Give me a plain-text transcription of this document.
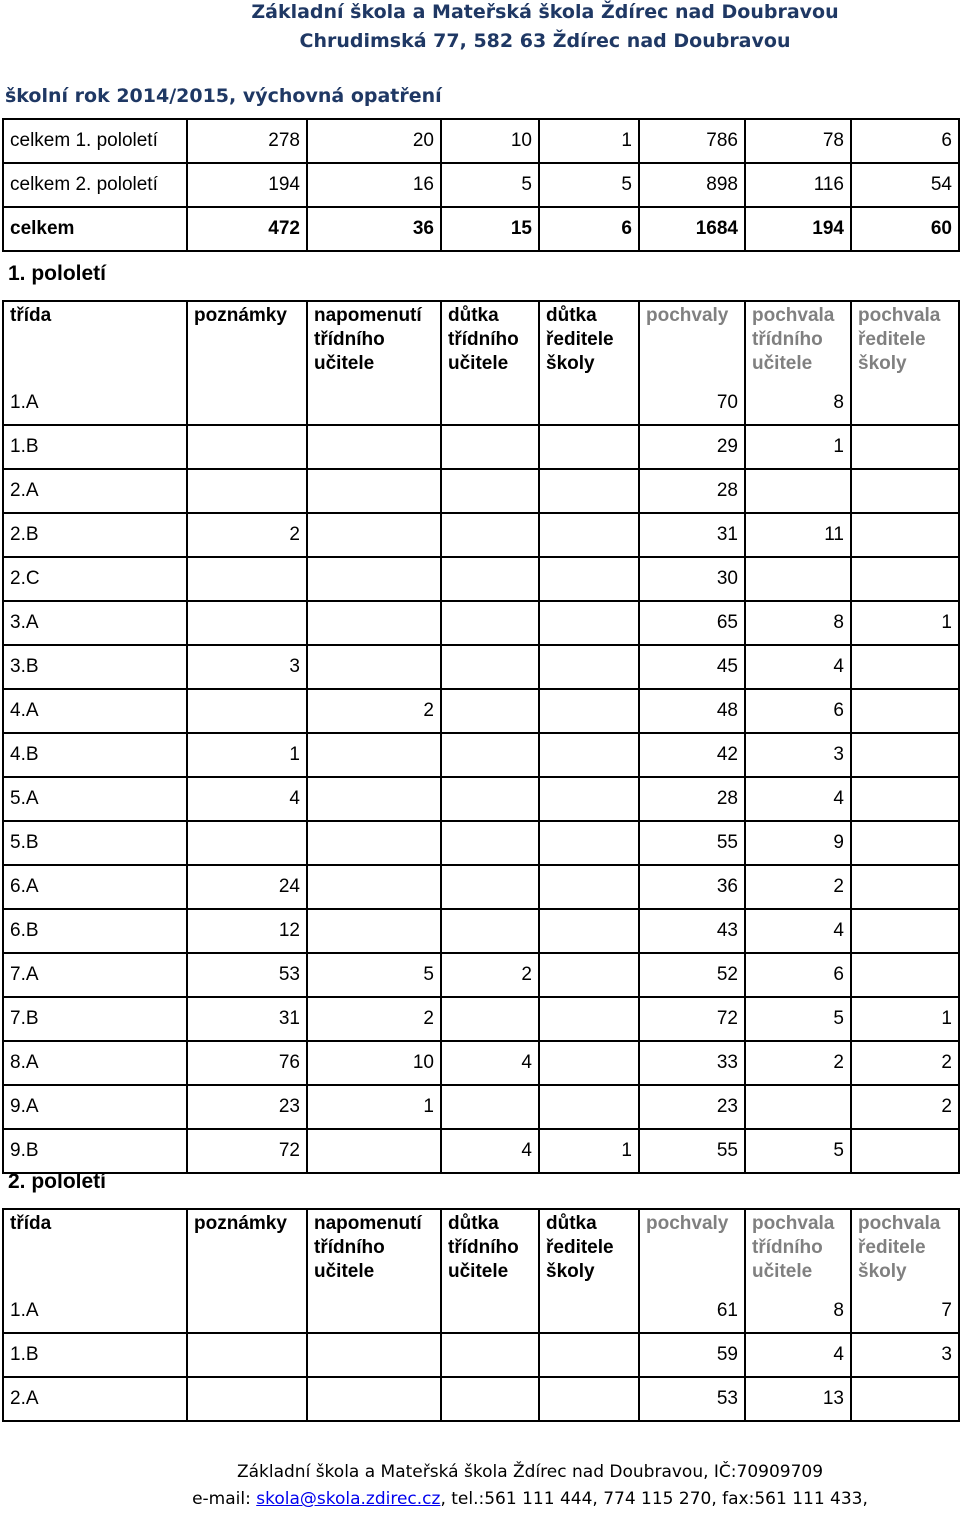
Základní škola a Mateřská škola Ždírec nad Doubravou
Chrudimská 77, 582 63 Ždírec nad Doubravou
školní rok 2014/2015, výchovná opatření
celkem 1. pololetí	278	20	10	1	786	78	6
celkem 2. pololetí	194	16	5	5	898	116	54
celkem	472	36	15	6	1684	194	60
1. pololetí
třída	poznámky	napomenutí třídního učitele	důtka třídního učitele	důtka ředitele školy	pochvaly	pochvala třídního učitele	pochvala ředitele školy
1.A					70	8	
1.B					29	1	
2.A					28		
2.B	2				31	11	
2.C					30		
3.A					65	8	1
3.B	3				45	4	
4.A		2			48	6	
4.B	1				42	3	
5.A	4				28	4	
5.B					55	9	
6.A	24				36	2	
6.B	12				43	4	
7.A	53	5	2		52	6	
7.B	31	2			72	5	1
8.A	76	10	4		33	2	2
9.A	23	1			23		2
9.B	72		4	1	55	5	
2. pololetí
třída	poznámky	napomenutí třídního učitele	důtka třídního učitele	důtka ředitele školy	pochvaly	pochvala třídního učitele	pochvala ředitele školy
1.A					61	8	7
1.B					59	4	3
2.A					53	13	
Základní škola a Mateřská škola Ždírec nad Doubravou, IČ:70909709
e-mail: skola@skola.zdirec.cz, tel.:561 111 444, 774 115 270, fax:561 111 433,
